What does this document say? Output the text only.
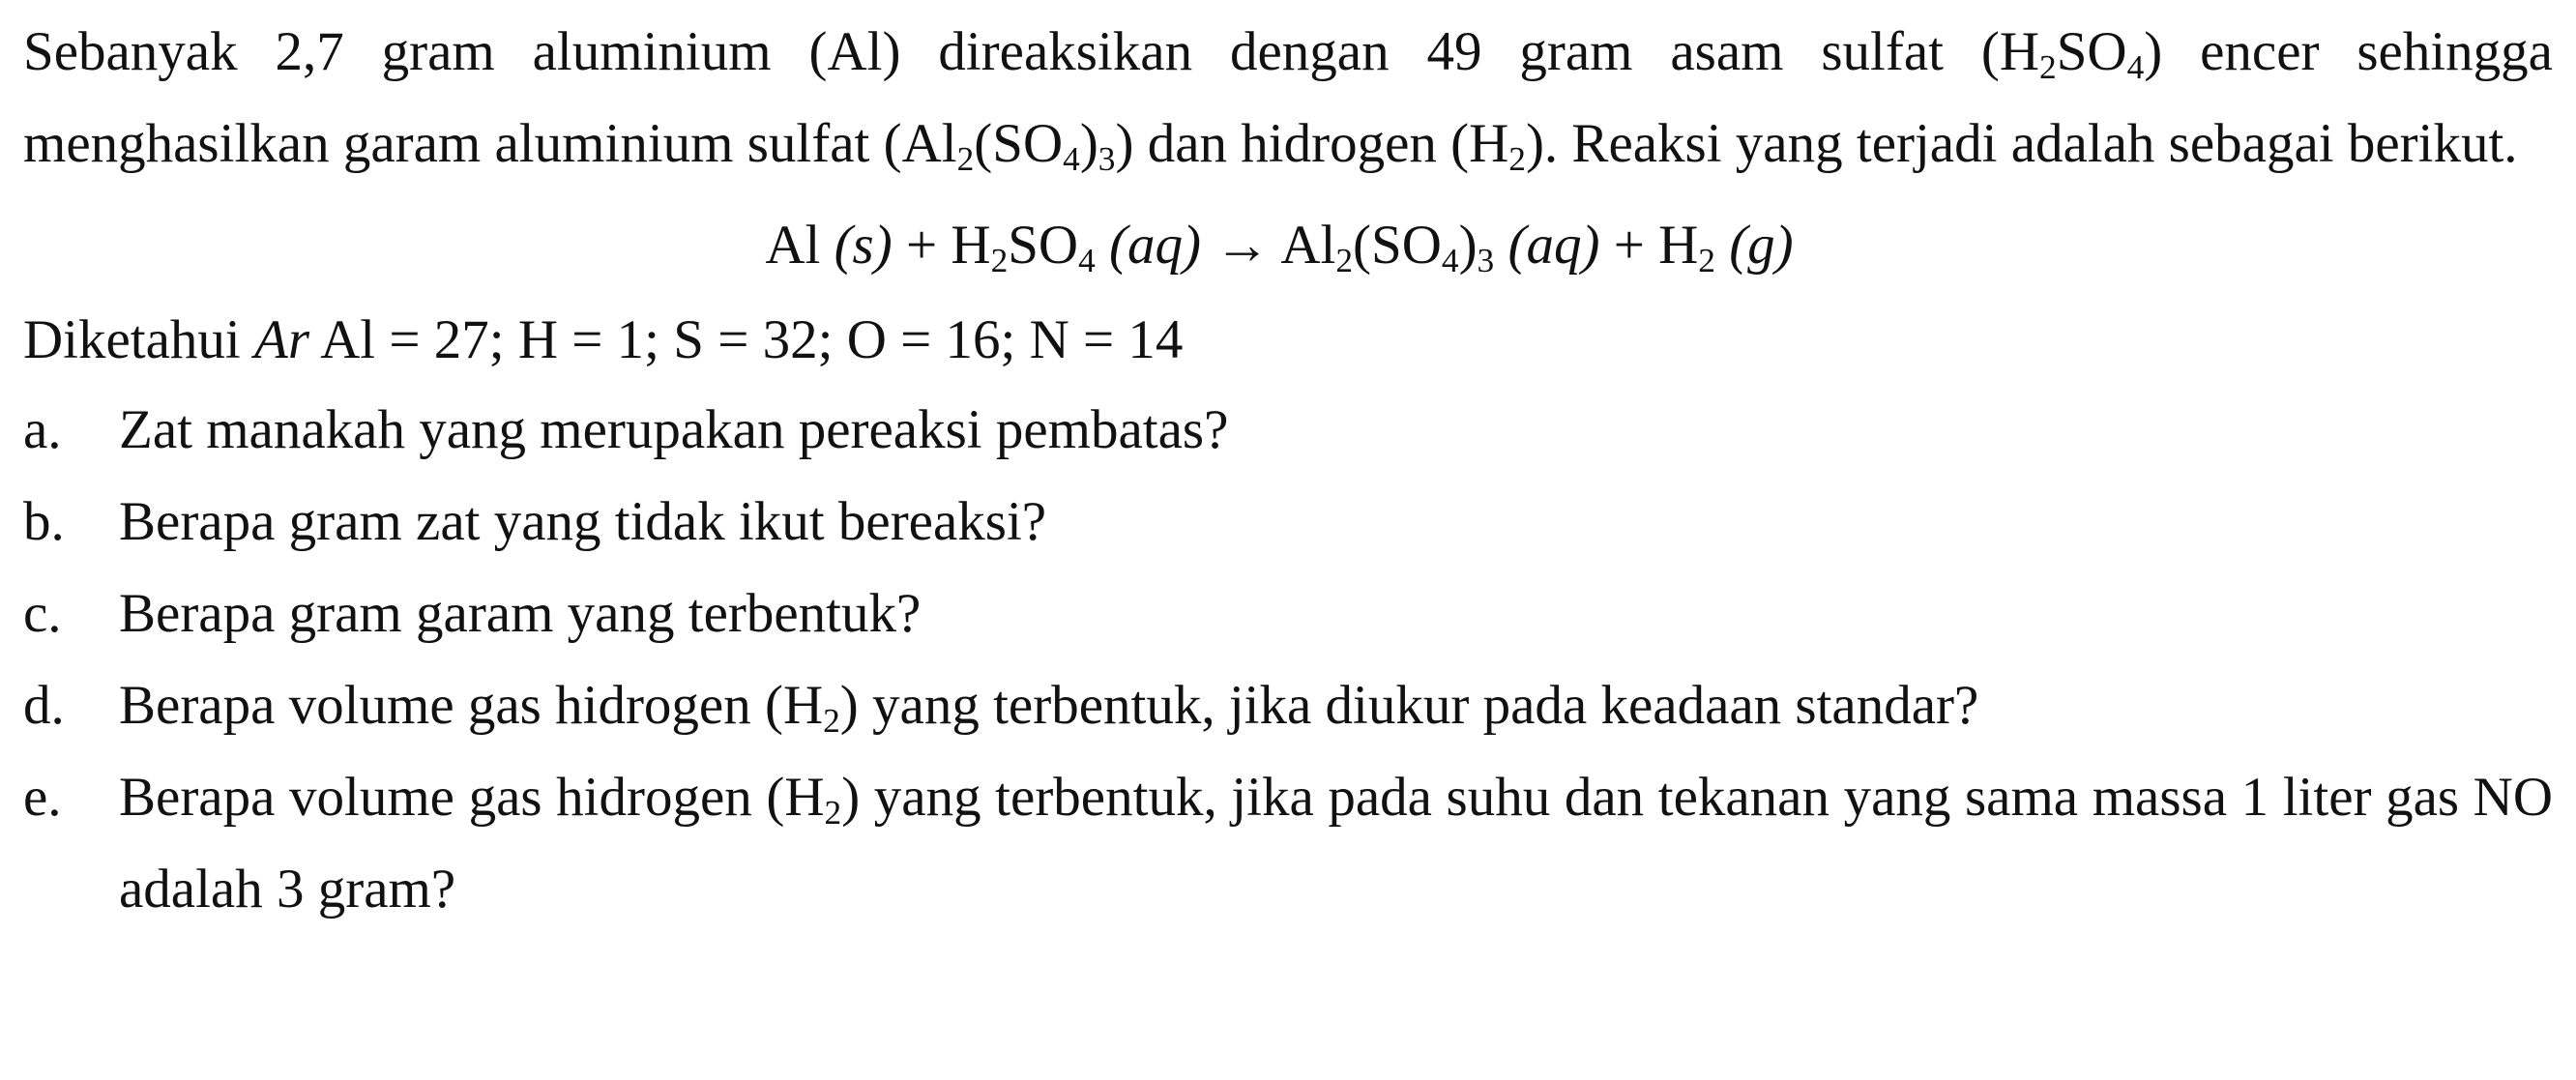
Sebanyak 2,7 gram aluminium (Al) direaksikan dengan 49 gram asam sulfat $(H_2SO_4)$ encer sehingga menghasilkan garam aluminium sulfat $(Al_2(SO_4)_3)$ dan hidrogen $(H_2)$. Reaksi yang terjadi adalah sebagai berikut.

Al $(s) + H_2SO_4$ $(aq) \to Al_2(SO_4)_3$ $(aq) + H_2$ (g)
Diketahui Ar Al = 27; H = 1; S = 32; O = 16; N = 14
a.	Zat manakah yang merupakan pereaksi pembatas?
b. Berapa gram zat yang tidak ikut bereaksi?
c.	Berapa gram garam yang terbentuk?
d. Berapa volume gas hidrogen $(H_2)$ yang terbentuk, jika diukur pada keadaan standar?
e.	Berapa volume gas hidrogen $(H_2)$ yang terbentuk, jika pada suhu dan tekanan yang sama massa 1 liter gas NO adalah 3 gram?
